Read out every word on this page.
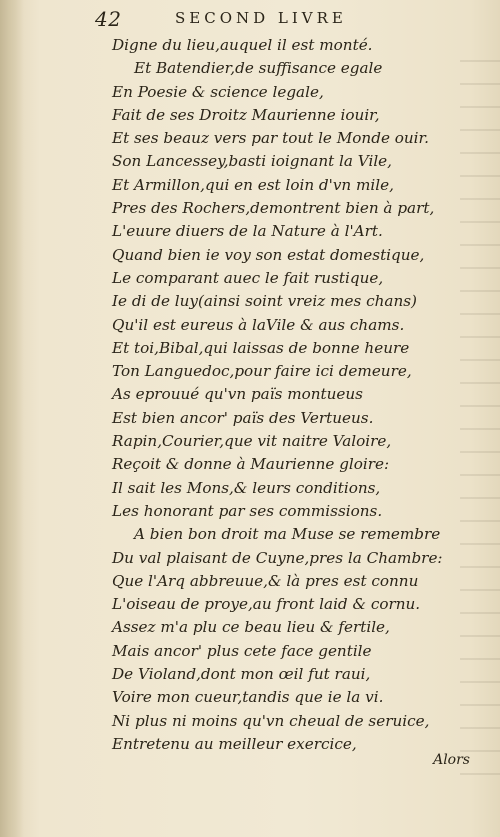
42	SECOND LIVRE
Digne du lieu,auquel il est monté.
Et Batendier,de suffisance egale
En Poesie & science legale,
Fait de ses Droitz Maurienne iouir,
Et ses beauz vers par tout le Monde ouir.
Son Lancessey,basti ioignant la Vile,
Et Armillon,qui en est loin d'vn mile,
Pres des Rochers,demontrent bien à part,
L'euure diuers de la Nature à l'Art.
Quand bien ie voy son estat domestique,
Le comparant auec le fait rustique,
Ie di de luy(ainsi soint vreiz mes chans)
Qu'il est eureus à laVile & aus chams.
Et toi,Bibal,qui laissas de bonne heure
Ton Languedoc,pour faire ici demeure,
As eprouué qu'vn païs montueus
Est bien ancor' païs des Vertueus.
Rapin,Courier,que vit naitre Valoire,
Reçoit & donne à Maurienne gloire:
Il sait les Mons,& leurs conditions,
Les honorant par ses commissions.
A bien bon droit ma Muse se remembre
Du val plaisant de Cuyne,pres la Chambre:
Que l'Arq abbreuue,& là pres est connu
L'oiseau de proye,au front laid & cornu.
Assez m'a plu ce beau lieu & fertile,
Mais ancor' plus cete face gentile
De Violand,dont mon œil fut raui,
Voire mon cueur,tandis que ie la vi.
Ni plus ni moins qu'vn cheual de seruice,
Entretenu au meilleur exercice,
Alors
